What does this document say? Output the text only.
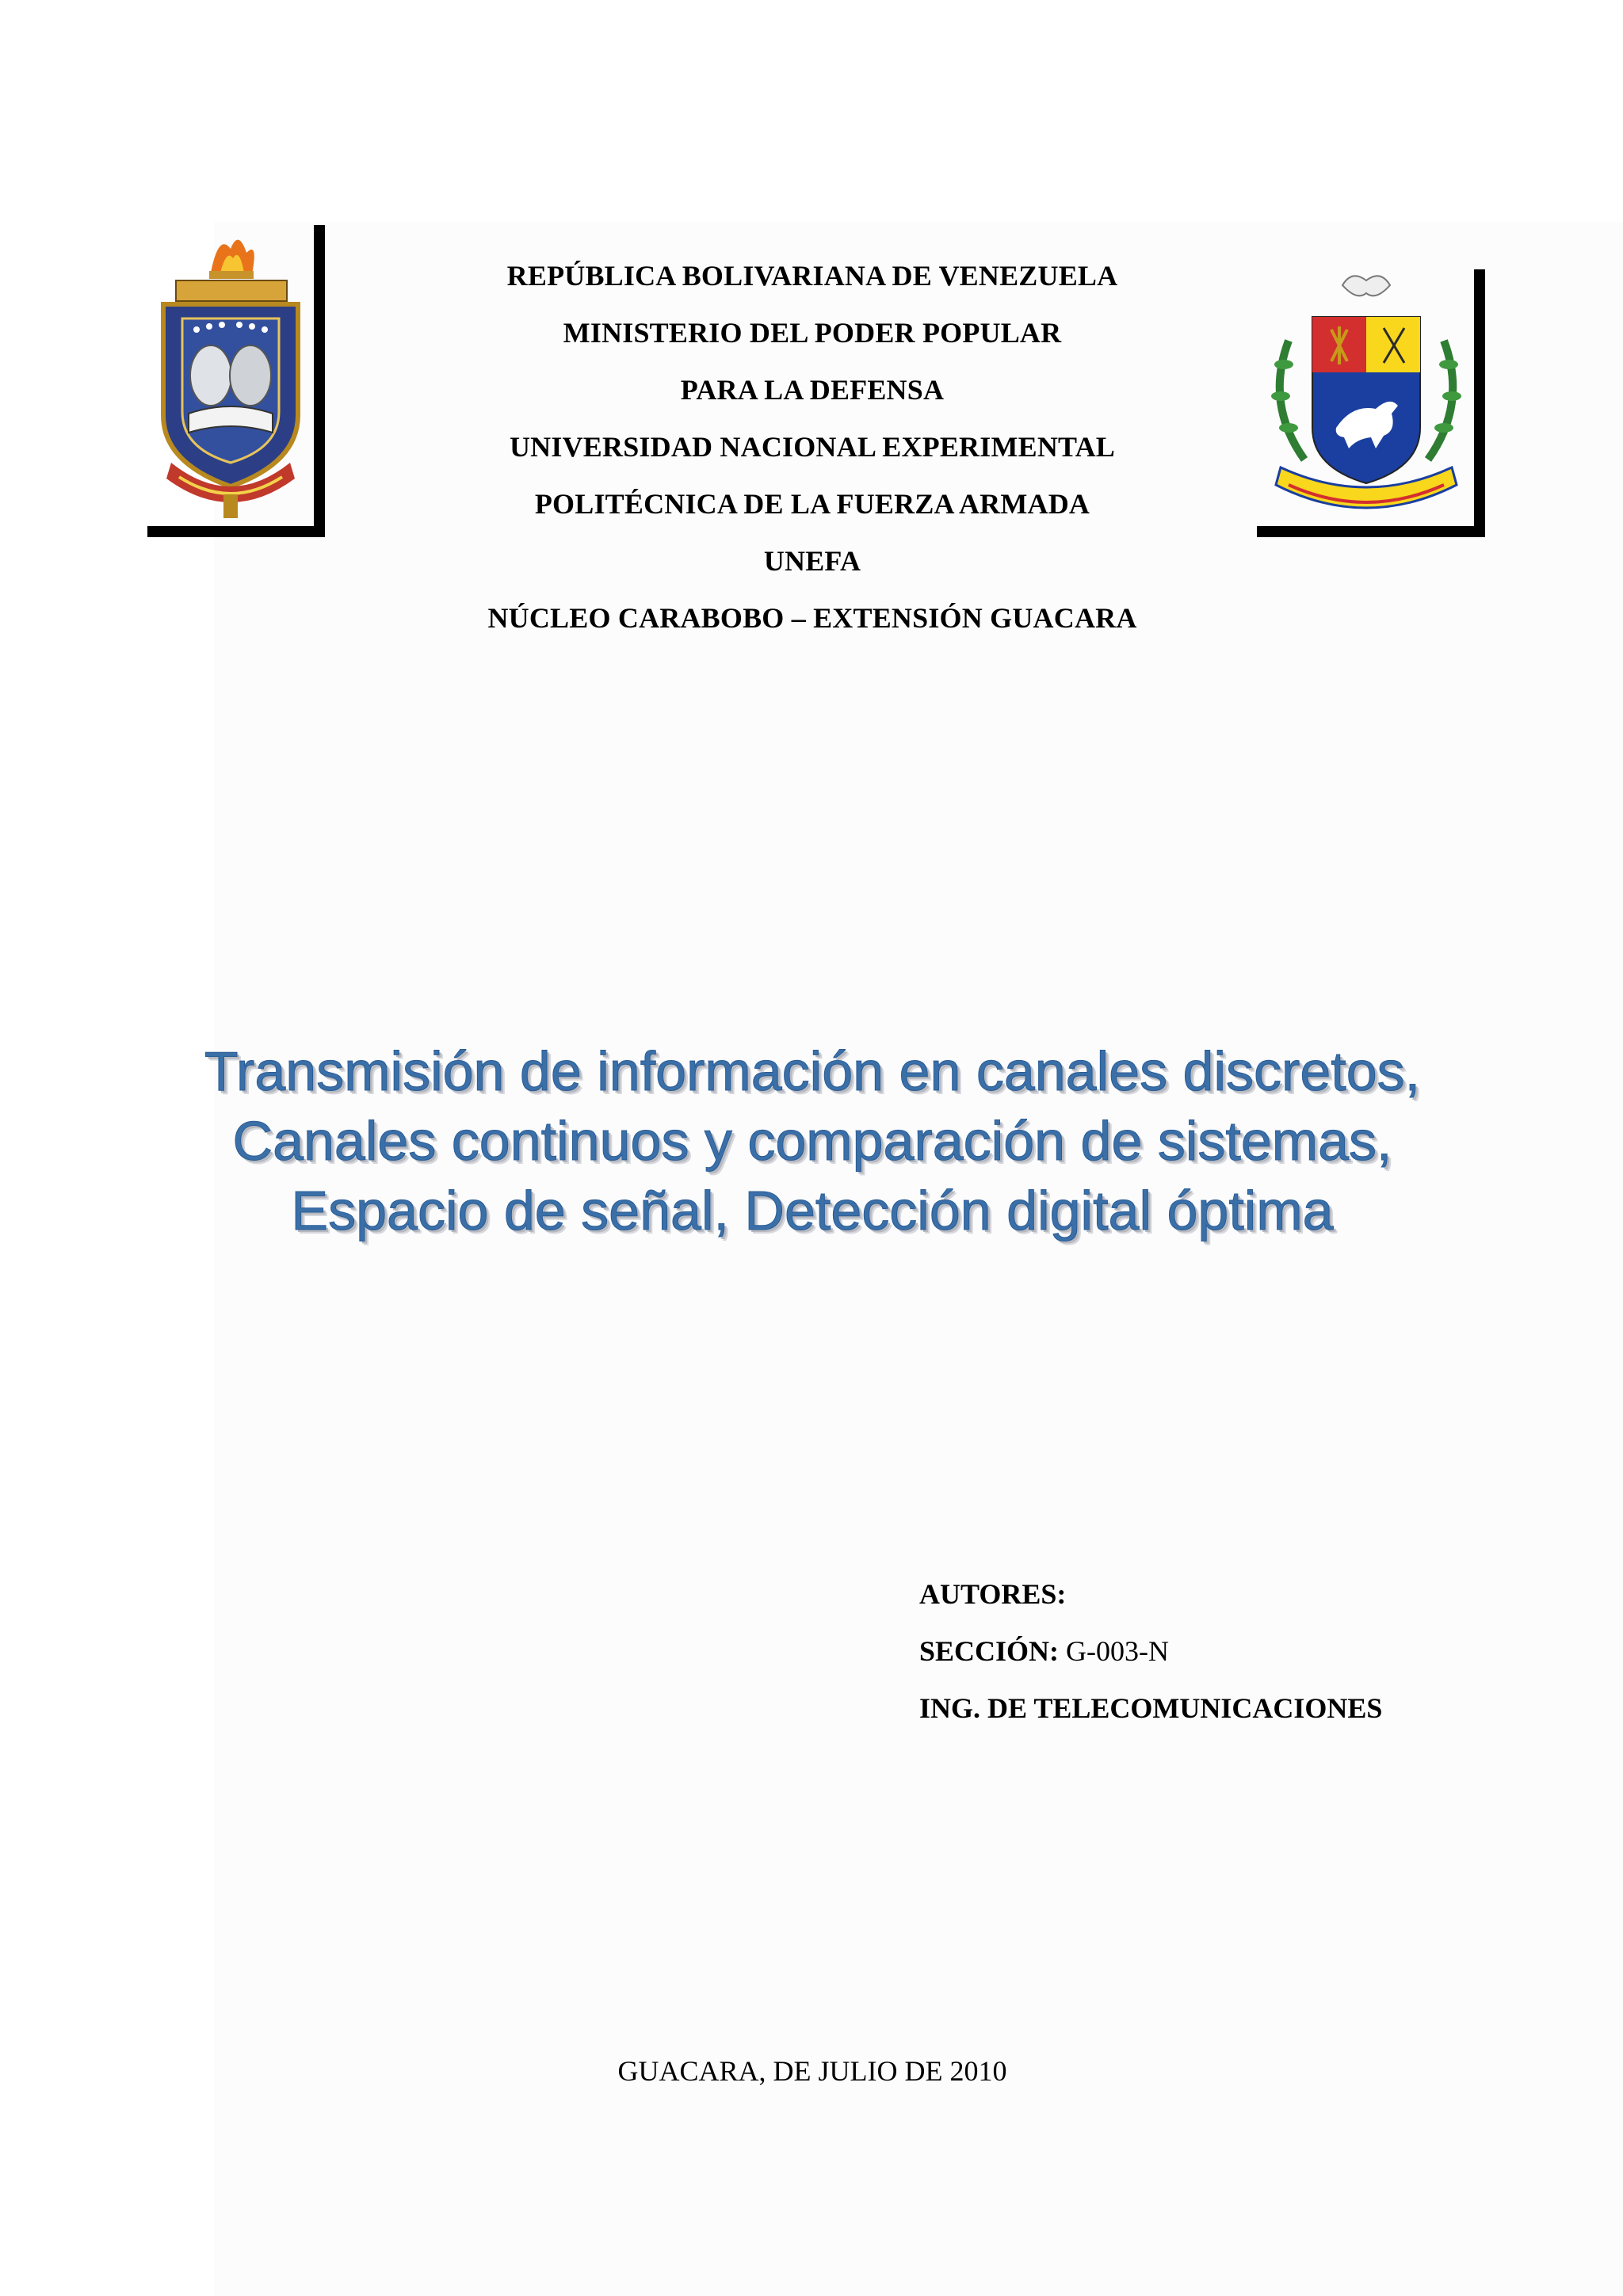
REPÚBLICA BOLIVARIANA DE VENEZUELA
MINISTERIO DEL PODER POPULAR
PARA LA DEFENSA
UNIVERSIDAD NACIONAL EXPERIMENTAL
POLITÉCNICA DE LA FUERZA ARMADA
UNEFA
NÚCLEO CARABOBO – EXTENSIÓN GUACARA
Transmisión de información en canales discretos,
Canales continuos y comparación de sistemas,
Espacio de señal, Detección digital óptima
AUTORES:
SECCIÓN: G-003-N
ING. DE TELECOMUNICACIONES
GUACARA, DE JULIO DE 2010
